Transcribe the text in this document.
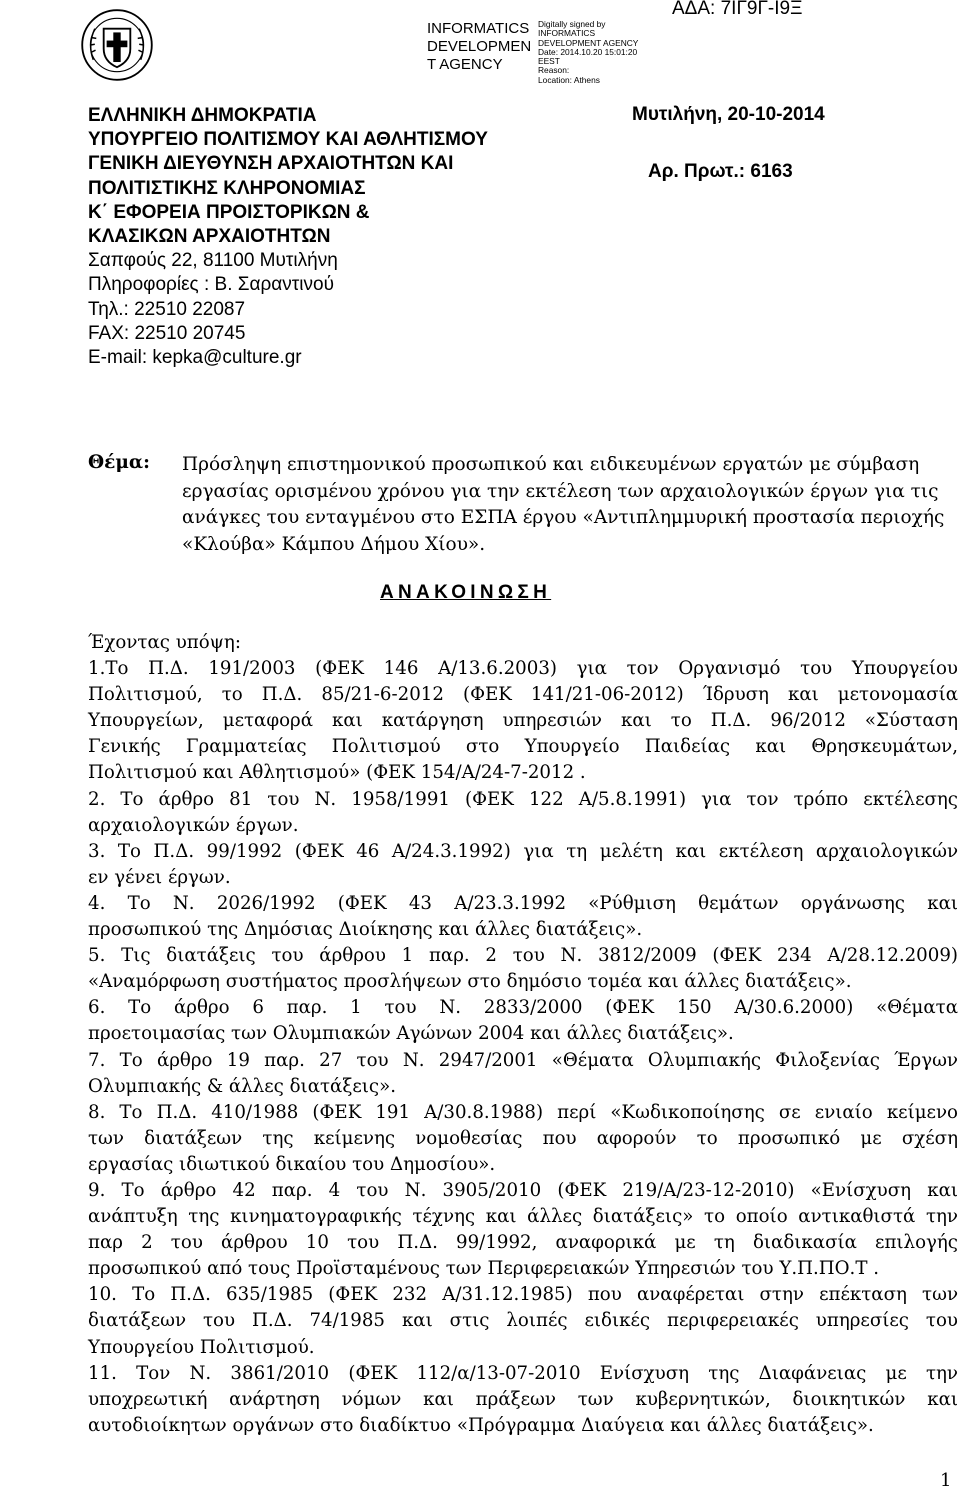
INFORMATICS
DEVELOPMEN
T AGENCY
Digitally signed by
INFORMATICS
DEVELOPMENT AGENCY
Date: 2014.10.20 15:01:20
EEST
Reason:
Location: Athens
ΑΔΑ: 7ΙΓ9Γ-Ι9Ξ
ΕΛΛΗΝΙΚΗ ΔΗΜΟΚΡΑΤΙΑ
ΥΠΟΥΡΓΕΙΟ ΠΟΛΙΤΙΣΜΟΥ ΚΑΙ ΑΘΛΗΤΙΣΜΟΥ
ΓΕΝΙΚΗ ΔΙΕΥΘΥΝΣΗ ΑΡΧΑΙΟΤΗΤΩΝ ΚΑΙ
ΠΟΛΙΤΙΣΤΙΚΗΣ ΚΛΗΡΟΝΟΜΙΑΣ
Κ΄ ΕΦΟΡΕΙΑ ΠΡΟΙΣΤΟΡΙΚΩΝ &
ΚΛΑΣΙΚΩΝ ΑΡΧΑΙΟΤΗΤΩΝ
Σαπφούς 22, 81100 Μυτιλήνη
Πληροφορίες : Β. Σαραντινού
Τηλ.: 22510 22087
FAX: 22510 20745
E-mail: kepka@culture.gr
Μυτιλήνη, 20-10-2014
Αρ. Πρωτ.: 6163
Θέμα: Πρόσληψη επιστημονικού προσωπικού και ειδικευμένων εργατών με σύμβαση
εργασίας ορισμένου χρόνου για την εκτέλεση των αρχαιολογικών έργων για τις
ανάγκες του ενταγμένου στο ΕΣΠΑ έργου «Αντιπλημμυρική προστασία περιοχής
«Κλούβα» Κάμπου Δήμου Χίου».
ΑΝΑΚΟΙΝΩΣΗ
Έχοντας υπόψη:
1.Το Π.Δ. 191/2003 (ΦΕΚ 146 Α/13.6.2003) για τον Οργανισμό του Υπουργείου
Πολιτισμού, το Π.Δ. 85/21-6-2012 (ΦΕΚ 141/21-06-2012) Ίδρυση και μετονομασία
Υπουργείων, μεταφορά και κατάργηση υπηρεσιών και το Π.Δ. 96/2012 «Σύσταση
Γενικής Γραμματείας Πολιτισμού στο Υπουργείο Παιδείας και Θρησκευμάτων,
Πολιτισμού και Αθλητισμού» (ΦΕΚ 154/Α/24-7-2012 .
2. Το άρθρο 81 του Ν. 1958/1991 (ΦΕΚ 122 Α/5.8.1991) για τον τρόπο εκτέλεσης
αρχαιολογικών έργων.
3. Το Π.Δ. 99/1992 (ΦΕΚ 46 Α/24.3.1992) για τη μελέτη και εκτέλεση αρχαιολογικών
εν γένει έργων.
4. Το Ν. 2026/1992 (ΦΕΚ 43 Α/23.3.1992 «Ρύθμιση θεμάτων οργάνωσης και
προσωπικού της Δημόσιας Διοίκησης και άλλες διατάξεις».
5. Τις διατάξεις του άρθρου 1 παρ. 2 του Ν. 3812/2009 (ΦΕΚ 234 Α/28.12.2009)
«Αναμόρφωση συστήματος προσλήψεων στο δημόσιο τομέα και άλλες διατάξεις».
6. Το άρθρο 6 παρ. 1 του Ν. 2833/2000 (ΦΕΚ 150 Α/30.6.2000) «Θέματα
προετοιμασίας των Ολυμπιακών Αγώνων 2004 και άλλες διατάξεις».
7. Το άρθρο 19 παρ. 27 του Ν. 2947/2001 «Θέματα Ολυμπιακής Φιλοξενίας Έργων
Ολυμπιακής & άλλες διατάξεις».
8. Το Π.Δ. 410/1988 (ΦΕΚ 191 Α/30.8.1988) περί «Κωδικοποίησης σε ενιαίο κείμενο
των διατάξεων της κείμενης νομοθεσίας που αφορούν το προσωπικό με σχέση
εργασίας ιδιωτικού δικαίου του Δημοσίου».
9. Το άρθρο 42 παρ. 4 του Ν. 3905/2010 (ΦΕΚ 219/Α/23-12-2010) «Ενίσχυση και
ανάπτυξη της κινηματογραφικής τέχνης και άλλες διατάξεις» το οποίο αντικαθιστά την
παρ 2 του άρθρου 10 του Π.Δ. 99/1992, αναφορικά με τη διαδικασία επιλογής
προσωπικού από τους Προϊσταμένους των Περιφερειακών Υπηρεσιών του Υ.Π.ΠΟ.Τ .
10. Το Π.Δ. 635/1985 (ΦΕΚ 232 Α/31.12.1985) που αναφέρεται στην επέκταση των
διατάξεων του Π.Δ. 74/1985 και στις λοιπές ειδικές περιφερειακές υπηρεσίες του
Υπουργείου Πολιτισμού.
11. Τον Ν. 3861/2010 (ΦΕΚ 112/α/13-07-2010 Ενίσχυση της Διαφάνειας με την
υποχρεωτική ανάρτηση νόμων και πράξεων των κυβερνητικών, διοικητικών και
αυτοδιοίκητων οργάνων στο διαδίκτυο «Πρόγραμμα Διαύγεια και άλλες διατάξεις».
1
